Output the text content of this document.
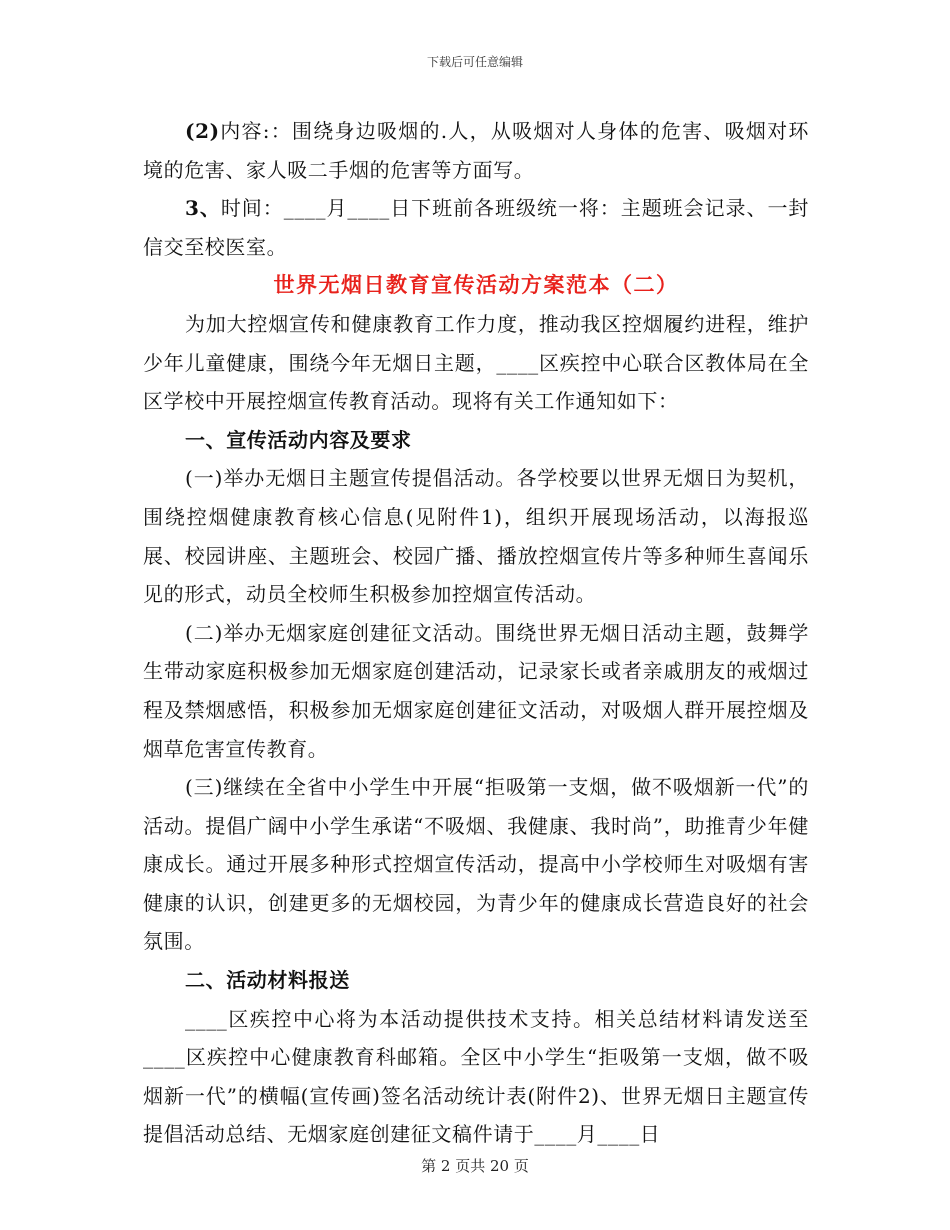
下载后可任意编辑

(2)内容:：围绕身边吸烟的.人，从吸烟对人身体的危害、吸烟对环境的危害、家人吸二手烟的危害等方面写。

3、时间：____月____日下班前各班级统一将：主题班会记录、一封信交至校医室。

世界无烟日教育宣传活动方案范本（二）

为加大控烟宣传和健康教育工作力度，推动我区控烟履约进程，维护少年儿童健康，围绕今年无烟日主题，____区疾控中心联合区教体局在全区学校中开展控烟宣传教育活动。现将有关工作通知如下：

一、宣传活动内容及要求

(一)举办无烟日主题宣传提倡活动。各学校要以世界无烟日为契机，围绕控烟健康教育核心信息(见附件1)，组织开展现场活动，以海报巡展、校园讲座、主题班会、校园广播、播放控烟宣传片等多种师生喜闻乐见的形式，动员全校师生积极参加控烟宣传活动。

(二)举办无烟家庭创建征文活动。围绕世界无烟日活动主题，鼓舞学生带动家庭积极参加无烟家庭创建活动，记录家长或者亲戚朋友的戒烟过程及禁烟感悟，积极参加无烟家庭创建征文活动，对吸烟人群开展控烟及烟草危害宣传教育。

(三)继续在全省中小学生中开展“拒吸第一支烟，做不吸烟新一代”的活动。提倡广阔中小学生承诺“不吸烟、我健康、我时尚”，助推青少年健康成长。通过开展多种形式控烟宣传活动，提高中小学校师生对吸烟有害健康的认识，创建更多的无烟校园，为青少年的健康成长营造良好的社会氛围。

二、活动材料报送

____区疾控中心将为本活动提供技术支持。相关总结材料请发送至____区疾控中心健康教育科邮箱。全区中小学生“拒吸第一支烟，做不吸烟新一代”的横幅(宣传画)签名活动统计表(附件2)、世界无烟日主题宣传提倡活动总结、无烟家庭创建征文稿件请于____月____日

第 2 页共 20 页
